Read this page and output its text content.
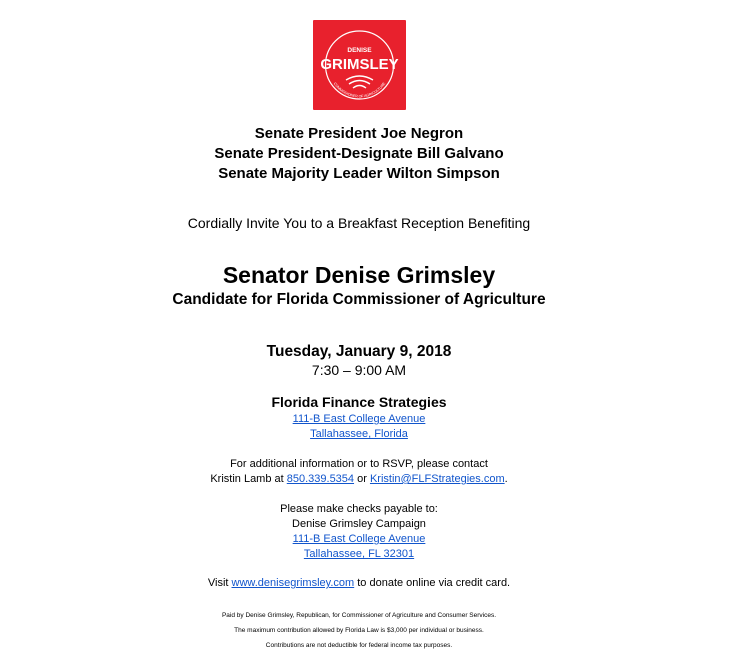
DENISE
GRIMSLEY
COMMISSIONER OF AGRICULTURE
Senate President Joe Negron
Senate President-Designate Bill Galvano
Senate Majority Leader Wilton Simpson
Cordially Invite You to a Breakfast Reception Benefiting
Senator Denise Grimsley
Candidate for Florida Commissioner of Agriculture
Tuesday, January 9, 2018
7:30 – 9:00 AM
Florida Finance Strategies
111-B East College Avenue
Tallahassee, Florida
For additional information or to RSVP, please contact
Kristin Lamb at 850.339.5354 or Kristin@FLFStrategies.com.
Please make checks payable to:
Denise Grimsley Campaign
111-B East College Avenue
Tallahassee, FL 32301
Visit www.denisegrimsley.com to donate online via credit card.
Paid by Denise Grimsley, Republican, for Commissioner of Agriculture and Consumer Services.
The maximum contribution allowed by Florida Law is $3,000 per individual or business.
Contributions are not deductible for federal income tax purposes.
